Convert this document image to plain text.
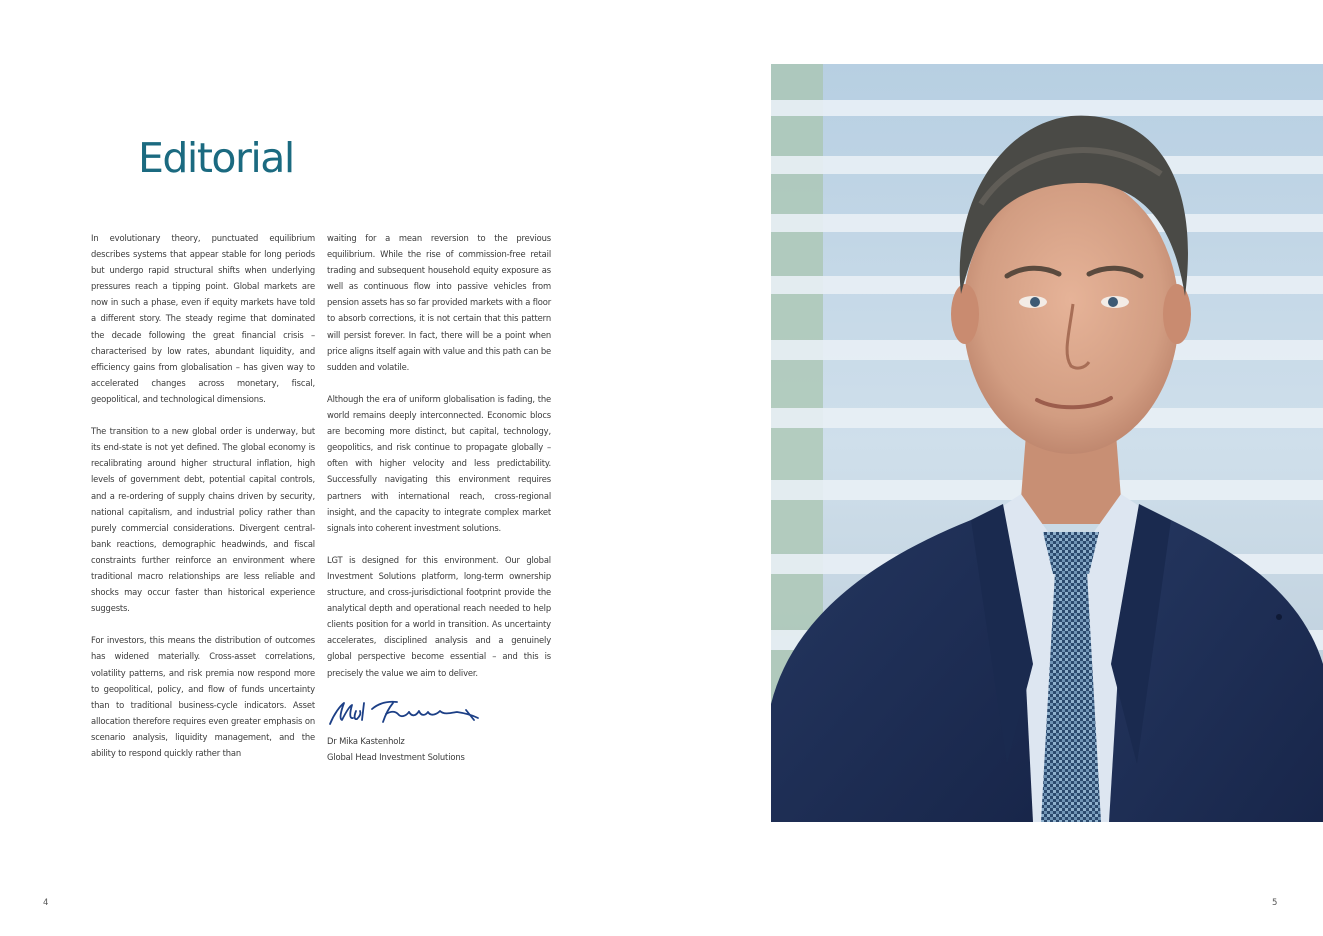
Editorial

In evolutionary theory, punctuated equilibrium describes systems that appear stable for long periods but undergo rapid structural shifts when underlying pressures reach a tipping point. Global markets are now in such a phase, even if equity markets have told a different story. The steady regime that dominated the decade following the great financial crisis – characterised by low rates, abundant liquidity, and efficiency gains from globalisation – has given way to accelerated changes across monetary, fiscal, geopolitical, and technological dimensions.

The transition to a new global order is underway, but its end-state is not yet defined. The global economy is recalibrating around higher structural inflation, high levels of government debt, potential capital controls, and a re-ordering of supply chains driven by security, national capitalism, and industrial policy rather than purely commercial considerations. Divergent central-bank reactions, demographic headwinds, and fiscal constraints further reinforce an environment where traditional macro relationships are less reliable and shocks may occur faster than historical experience suggests.

For investors, this means the distribution of outcomes has widened materially. Cross-asset correlations, volatility patterns, and risk premia now respond more to geopolitical, policy, and flow of funds uncertainty than to traditional business-cycle indicators. Asset allocation therefore requires even greater emphasis on scenario analysis, liquidity management, and the ability to respond quickly rather than

waiting for a mean reversion to the previous equilibrium. While the rise of commission-free retail trading and subsequent household equity exposure as well as continuous flow into passive vehicles from pension assets has so far provided markets with a floor to absorb corrections, it is not certain that this pattern will persist forever. In fact, there will be a point when price aligns itself again with value and this path can be sudden and volatile.

Although the era of uniform globalisation is fading, the world remains deeply interconnected. Economic blocs are becoming more distinct, but capital, technology, geopolitics, and risk continue to propagate globally – often with higher velocity and less predictability. Successfully navigating this environment requires partners with international reach, cross-regional insight, and the capacity to integrate complex market signals into coherent investment solutions.

LGT is designed for this environment. Our global Investment Solutions platform, long-term ownership structure, and cross-jurisdictional footprint provide the analytical depth and operational reach needed to help clients position for a world in transition. As uncertainty accelerates, disciplined analysis and a genuinely global perspective become essential – and this is precisely the value we aim to deliver.

Dr Mika Kastenholz
Global Head Investment Solutions
4	5
